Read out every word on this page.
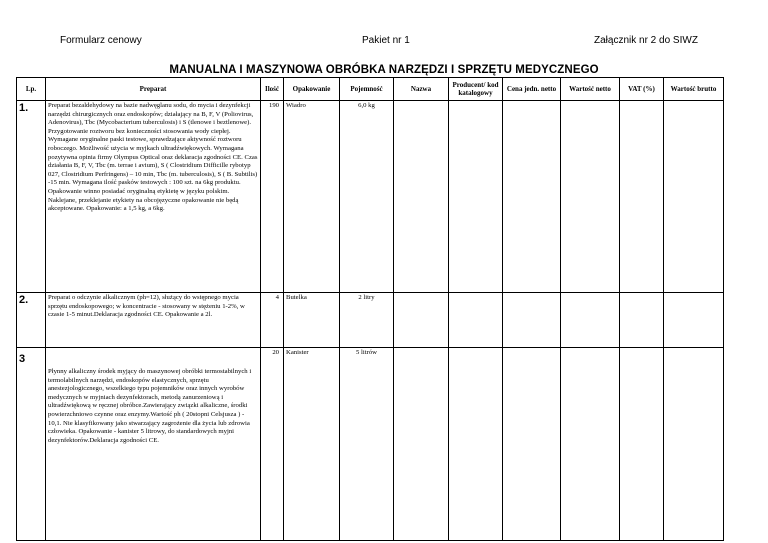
Formularz cenowy	Pakiet nr 1	Załącznik nr 2 do SIWZ
MANUALNA I MASZYNOWA OBRÓBKA NARZĘDZI I SPRZĘTU MEDYCZNEGO
Lp.	Preparat	Ilość	Opakowanie	Pojemność	Nazwa	Producent/ kod katalogowy	Cena jedn. netto	Wartość netto	VAT (%)	Wartość brutto
1.	Preparat bezaldehydowy na bazie nadwęglanu sodu, do mycia i dezynfekcji narzędzi chirurgicznych oraz endoskopów; działający na B, F, V (Poliovirus, Adenovirus), Tbc (Mycobacterium tuberculosis) i S (tlenowe i beztlenowe). Przygotowanie roztworu bez konieczności stosowania wody ciepłej. Wymagane oryginalne paski testowe, sprawdzające aktywność roztworu roboczego. Możliwość użycia w myjkach ultradźwiękowych. Wymagana pozytywna opinia firmy Olympus Optical oraz deklaracja zgodności CE. Czas działania B, F, V, Tbc (m. terrae i avium), S ( Clostridium Difficille rybotyp 027, Clostridium Perfringens) – 10 min, Tbc (m. tuberculosis), S ( B. Subtilis) -15 min. Wymagana ilość pasków testowych : 100 szt. na 6kg produktu. Opakowanie winno posiadać oryginalną etykietę w języku polskim. Naklejane, przeklejanie etykiety na obcojęzyczne opakowanie nie będą akceptowane. Opakowanie: a 1,5 kg, a 6kg.	190	Wiadro	6,0 kg						
2.	Preparat o odczynie alkalicznym (ph=12), służący do wstępnego mycia sprzętu endoskopowego; w koncentracie - stosowany w stężeniu 1-2%, w czasie 1-5 minut.Deklaracja zgodności CE. Opakowanie a 2l.	4	Butelka	2 litry						
3	Płynny alkaliczny środek myjący do maszynowej obróbki termostabilnych i termolabilnych narzędzi, endoskopów elastycznych, sprzętu anestezjologicznego, wszelkiego typu pojemników oraz innych wyrobów medycznych w myjniach dezynfektorach, metodą zanurzeniową i ultradźwiękową w ręcznej obróbce.Zawierający związki alkaliczne, środki powierzchniowo czynne oraz enzymy.Wartość ph ( 20stopni Celsjusza ) - 10,1. Nie klasyfikowany jako stwarzający zagrożenie dla życia lub zdrowia człowieka. Opakowanie - kanister 5 litrowy, do standardowych myjni dezynfektorów.Deklaracja zgodności CE.	20	Kanister	5 litrów						
